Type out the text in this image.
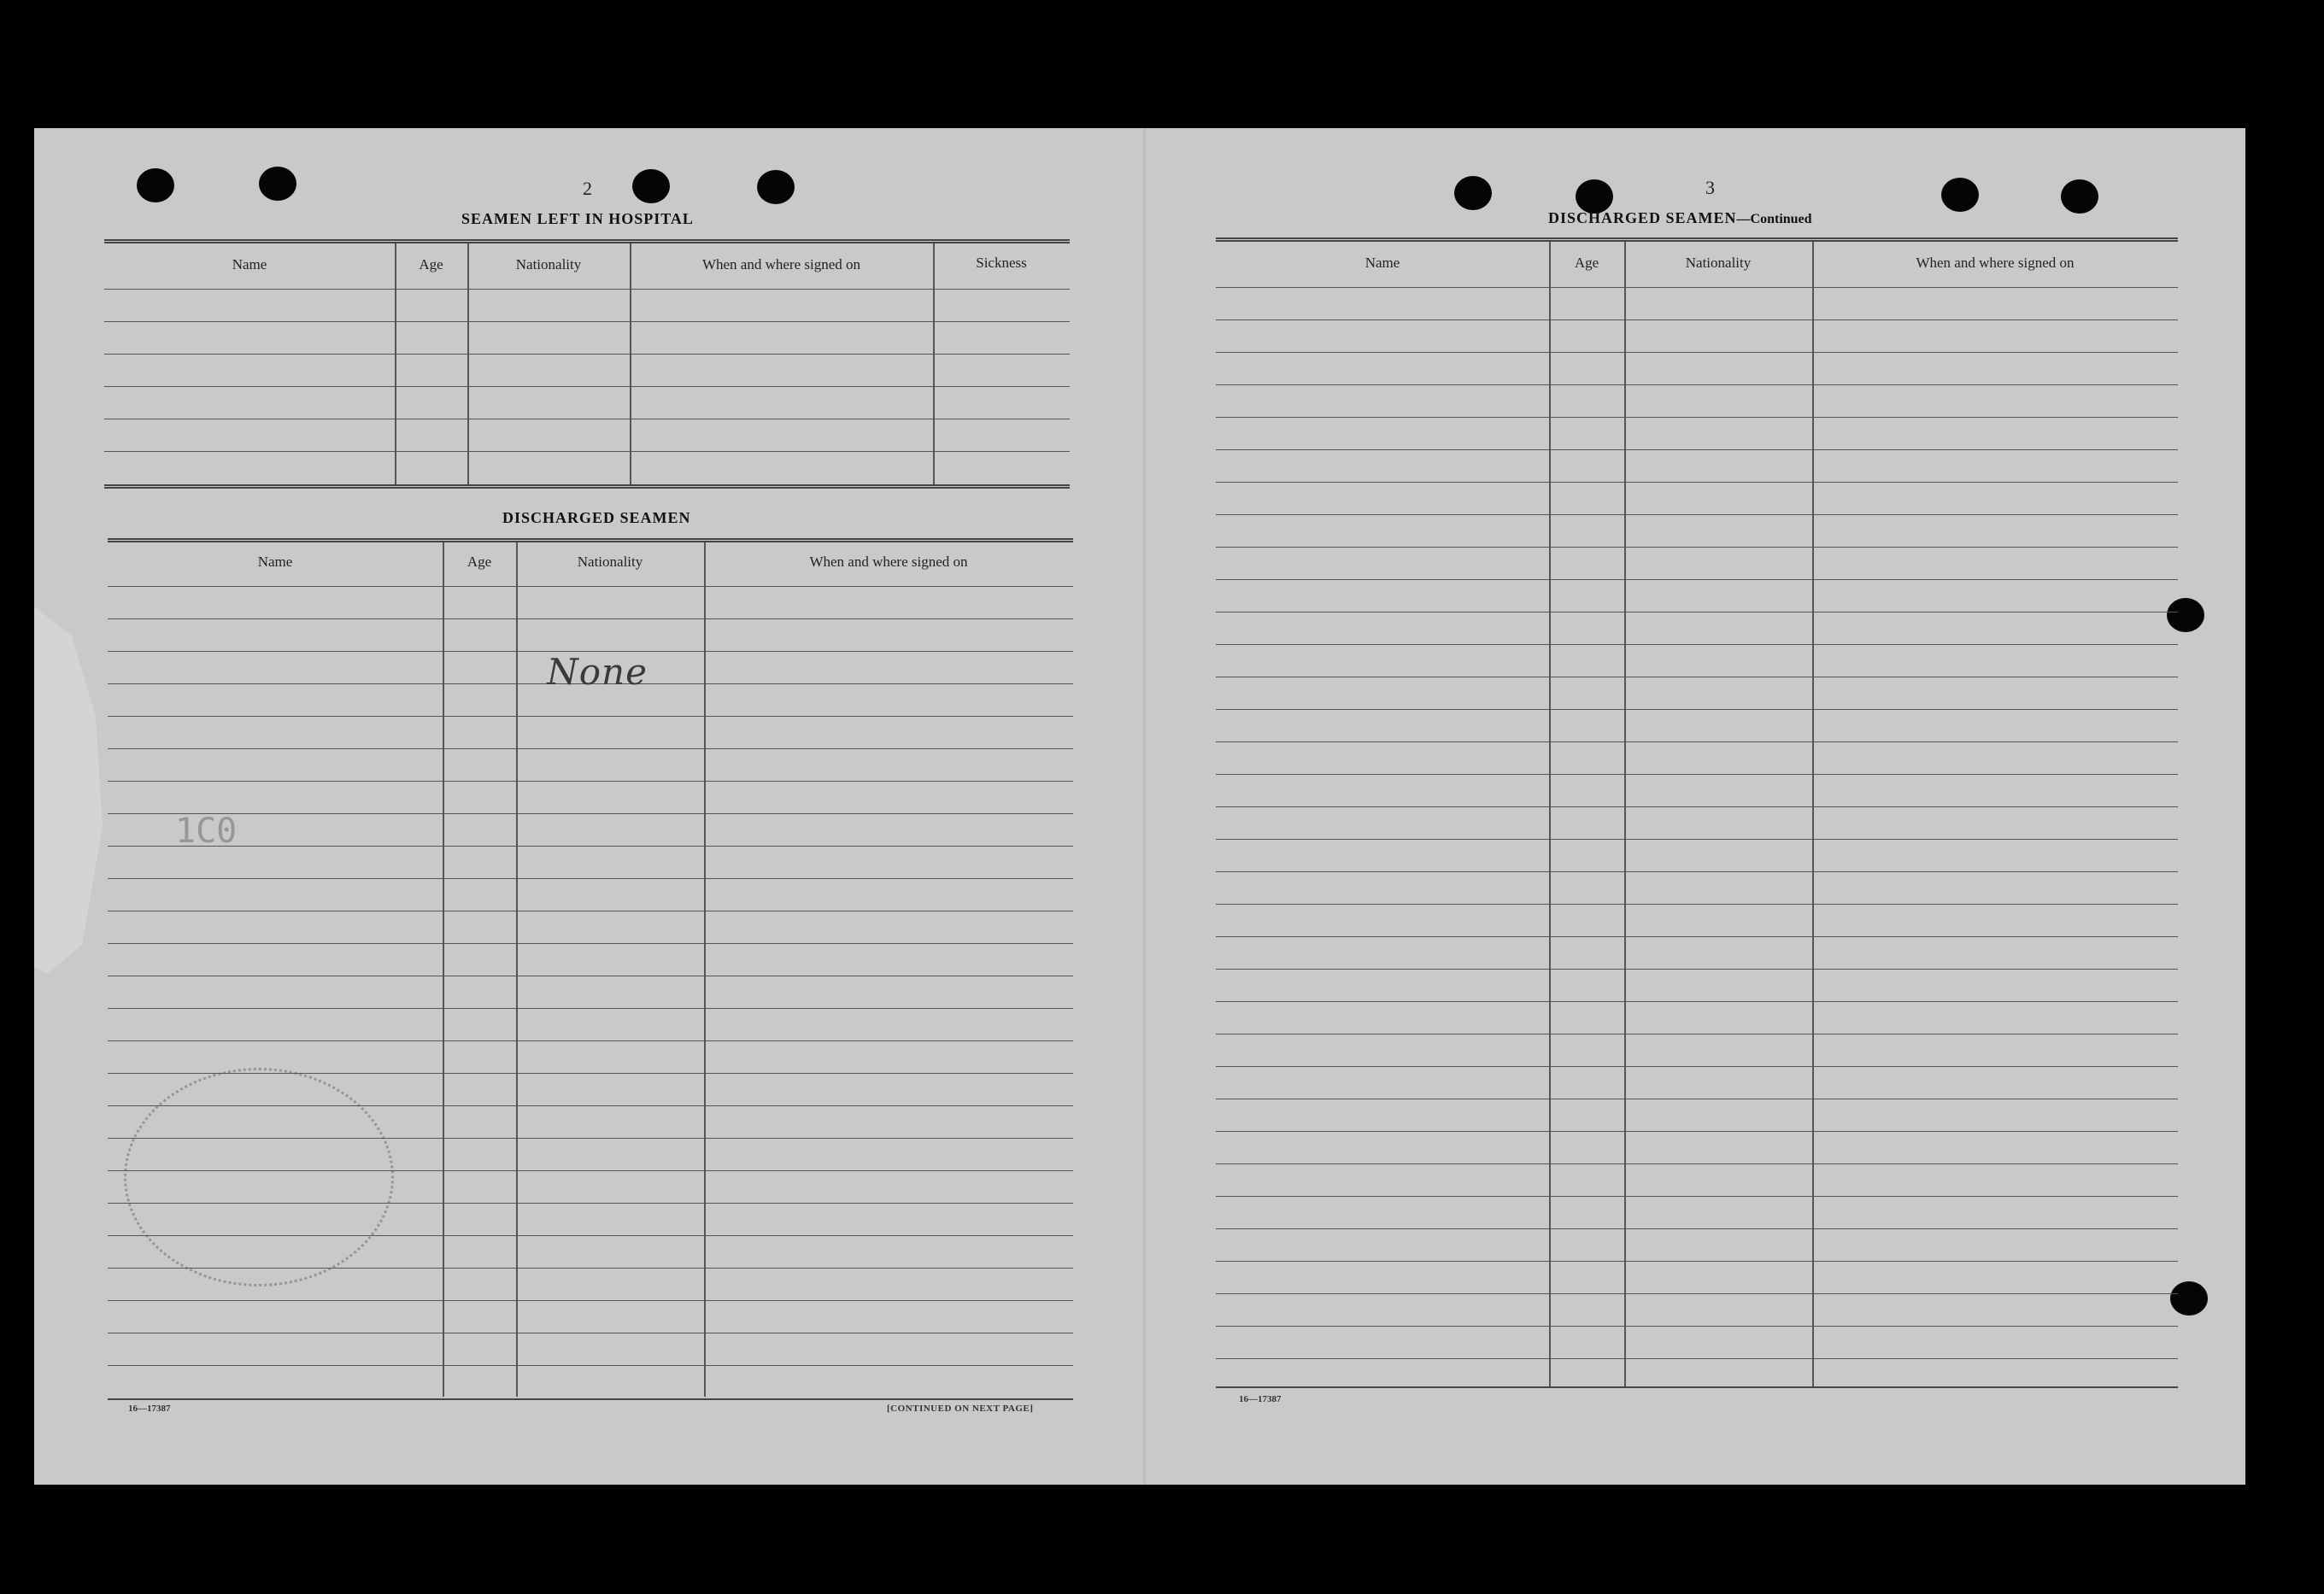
1C0
2
SEAMEN LEFT IN HOSPITAL
Name	Age	Nationality	When and where signed on	Sickness
DISCHARGED SEAMEN
Name	Age	Nationality	When and where signed on
None
16—17387	[CONTINUED ON NEXT PAGE]
3
DISCHARGED SEAMEN—Continued
Name	Age	Nationality	When and where signed on
16—17387
